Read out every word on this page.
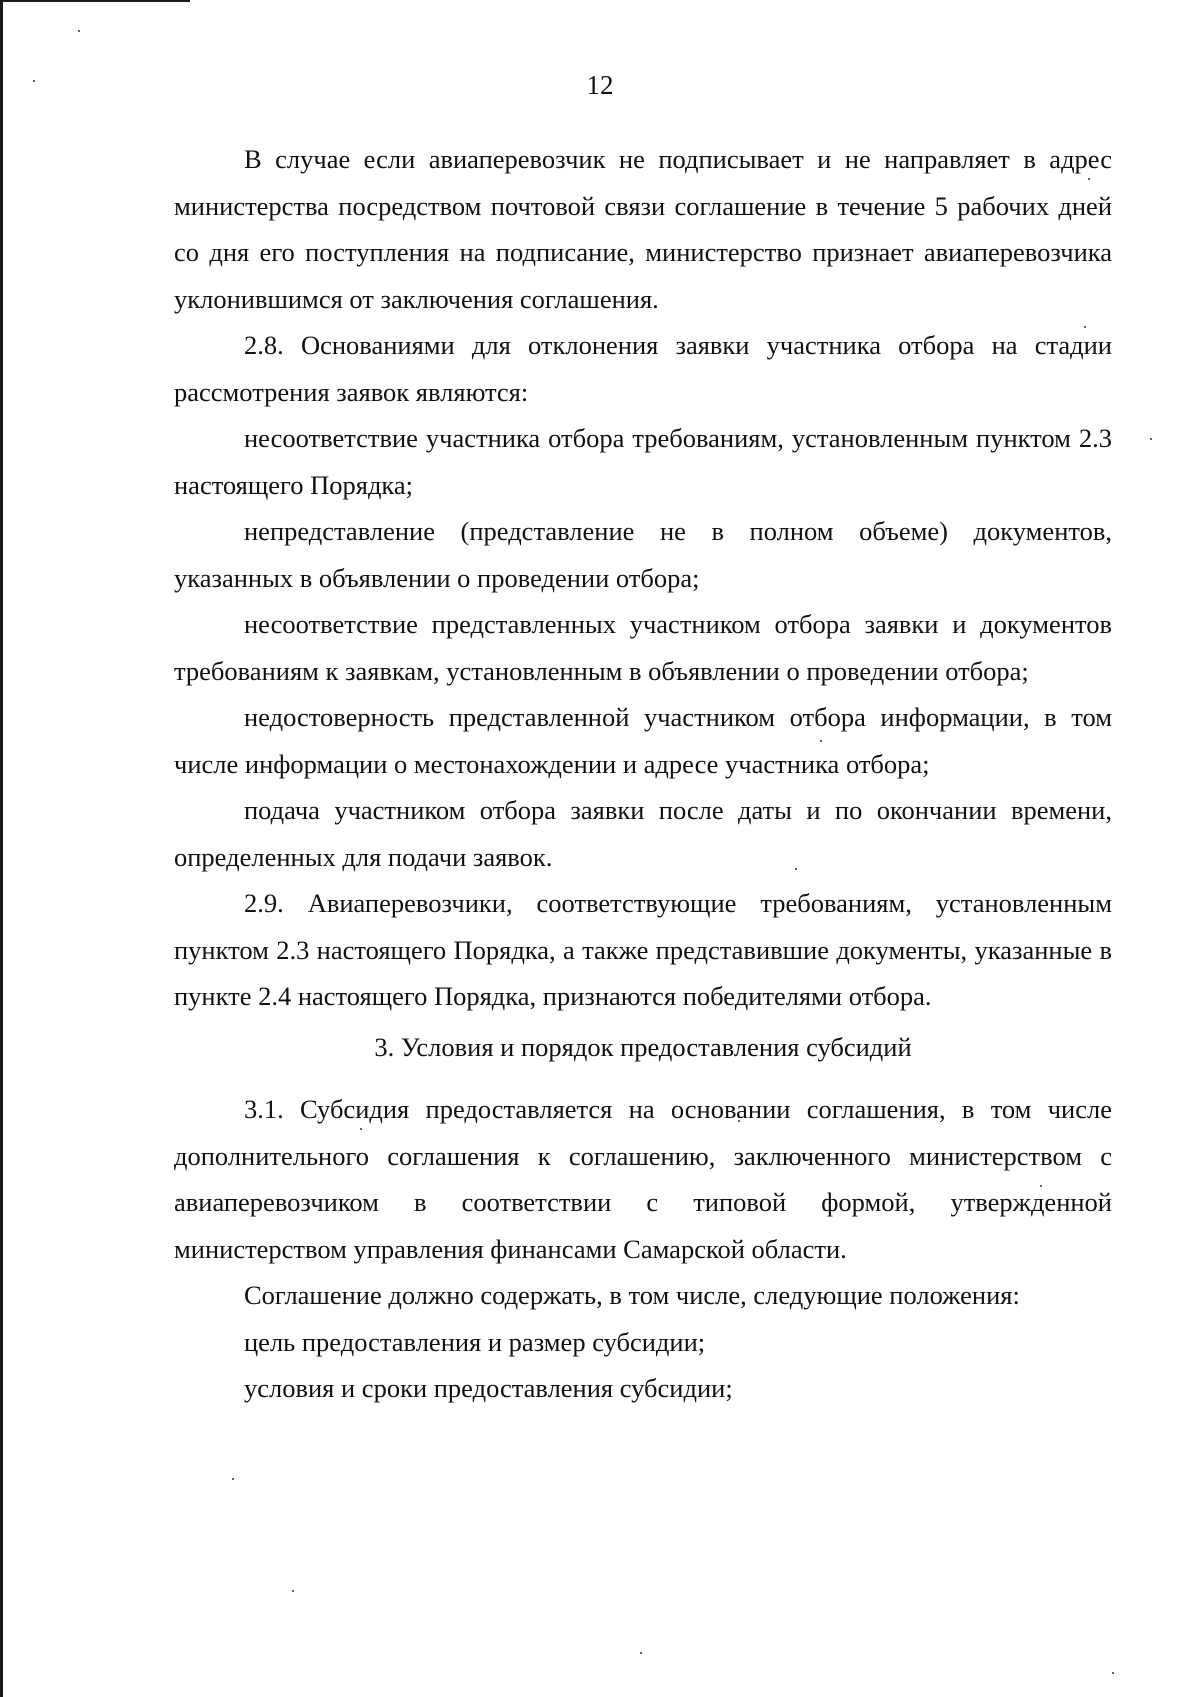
12

В случае если авиаперевозчик не подписывает и не направляет в адрес министерства посредством почтовой связи соглашение в течение 5 рабочих дней со дня его поступления на подписание, министерство признает авиаперевозчика уклонившимся от заключения соглашения.

2.8. Основаниями для отклонения заявки участника отбора на стадии рассмотрения заявок являются:

несоответствие участника отбора требованиям, установленным пунктом 2.3 настоящего Порядка;

непредставление (представление не в полном объеме) документов, указанных в объявлении о проведении отбора;

несоответствие представленных участником отбора заявки и документов требованиям к заявкам, установленным в объявлении о проведении отбора;

недостоверность представленной участником отбора информации, в том числе информации о местонахождении и адресе участника отбора;

подача участником отбора заявки после даты и по окончании времени, определенных для подачи заявок.

2.9. Авиаперевозчики, соответствующие требованиям, установленным пунктом 2.3 настоящего Порядка, а также представившие документы, указанные в пункте 2.4 настоящего Порядка, признаются победителями отбора.

3. Условия и порядок предоставления субсидий

3.1. Субсидия предоставляется на основании соглашения, в том числе дополнительного соглашения к соглашению, заключенного министерством с авиаперевозчиком в соответствии с типовой формой, утвержденной министерством управления финансами Самарской области.

Соглашение должно содержать, в том числе, следующие положения:

цель предоставления и размер субсидии;

условия и сроки предоставления субсидии;
